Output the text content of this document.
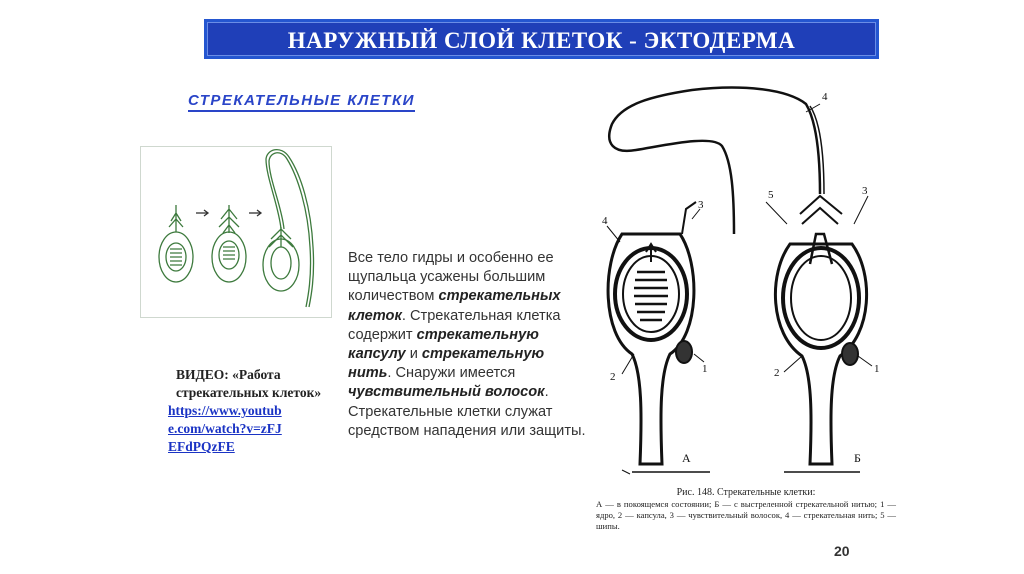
НАРУЖНЫЙ СЛОЙ КЛЕТОК - ЭКТОДЕРМА
СТРЕКАТЕЛЬНЫЕ КЛЕТКИ

Все тело гидры и особенно ее щупальца усажены большим количеством стрекательных клеток. Стрекательная клетка содержит стрекательную капсулу и стрекательную нить. Снаружи имеется чувствительный волосок. Стрекательные клетки служат средством нападения или защиты.

ВИДЕО: «Работа стрекательных клеток»
https://www.youtub
e.com/watch?v=zFJ
EFdPQzFE
4
3
2
1
5	3
2	1
4
А	Б
Рис. 148. Стрекательные клетки:
А — в покоящемся состоянии; Б — с выстреленной стрекательной нитью; 1 — ядро, 2 — капсула, 3 — чувствительный волосок, 4 — стрекательная нить; 5 — шипы.
20
